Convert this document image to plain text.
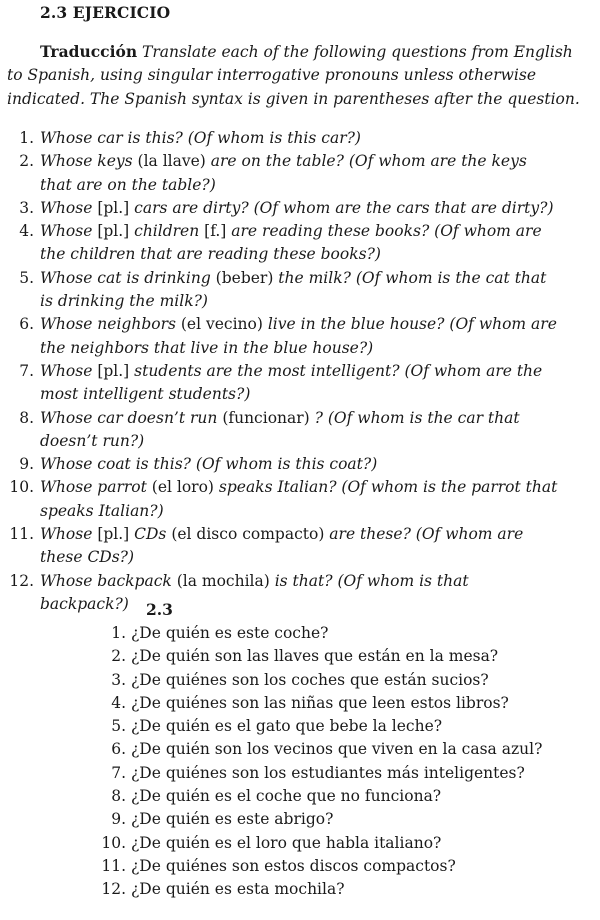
2.3 EJERCICIO
Traducción Translate each of the following questions from English to Spanish, using singular interrogative pronouns unless otherwise indicated. The Spanish syntax is given in parentheses after the question.
1. Whose car is this? (Of whom is this car?)
2. Whose keys (la llave) are on the table? (Of whom are the keys that are on the table?)
3. Whose [pl.] cars are dirty? (Of whom are the cars that are dirty?)
4. Whose [pl.] children [f.] are reading these books? (Of whom are the children that are reading these books?)
5. Whose cat is drinking (beber) the milk? (Of whom is the cat that is drinking the milk?)
6. Whose neighbors (el vecino) live in the blue house? (Of whom are the neighbors that live in the blue house?)
7. Whose [pl.] students are the most intelligent? (Of whom are the most intelligent students?)
8. Whose car doesn’t run (funcionar) ? (Of whom is the car that doesn’t run?)
9. Whose coat is this? (Of whom is this coat?)
10. Whose parrot (el loro) speaks Italian? (Of whom is the parrot that speaks Italian?)
11. Whose [pl.] CDs (el disco compacto) are these? (Of whom are these CDs?)
12. Whose backpack (la mochila) is that? (Of whom is that backpack?)	2.3
1. ¿De quién es este coche?
2. ¿De quién son las llaves que están en la mesa?
3. ¿De quiénes son los coches que están sucios?
4. ¿De quiénes son las niñas que leen estos libros?
5. ¿De quién es el gato que bebe la leche?
6. ¿De quién son los vecinos que viven en la casa azul?
7. ¿De quiénes son los estudiantes más inteligentes?
8. ¿De quién es el coche que no funciona?
9. ¿De quién es este abrigo?
10. ¿De quién es el loro que habla italiano?
11. ¿De quiénes son estos discos compactos?
12. ¿De quién es esta mochila?
